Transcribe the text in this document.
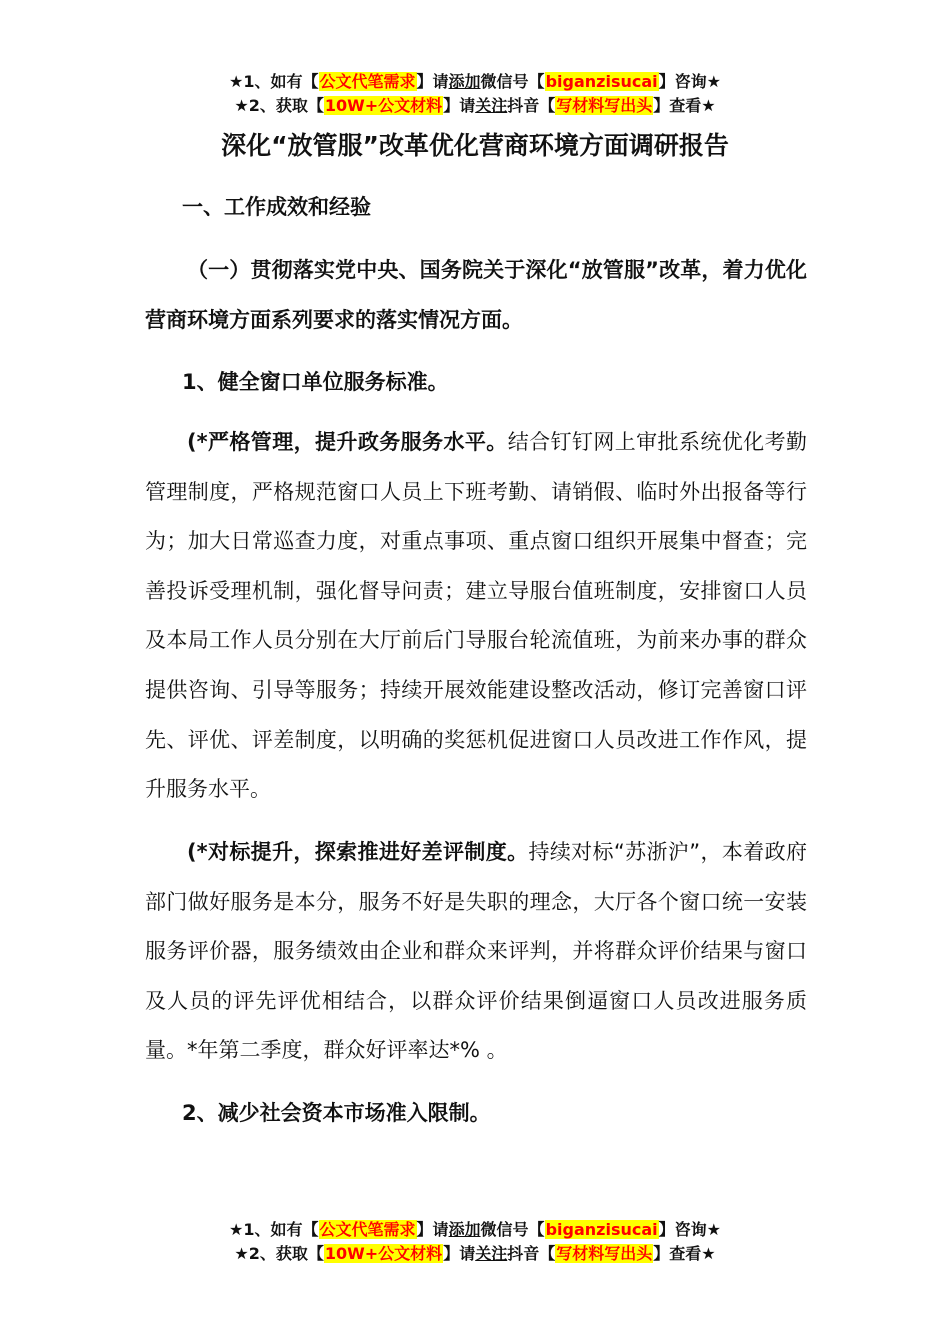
★1、如有【公文代笔需求】请添加微信号【biganzisucai】咨询★
★2、获取【10W+公文材料】请关注抖音【写材料写出头】查看★
深化“放管服”改革优化营商环境方面调研报告
一、工作成效和经验
（一）贯彻落实党中央、国务院关于深化“放管服”改革，着力优化营商环境方面系列要求的落实情况方面。
1、健全窗口单位服务标准。
(*严格管理，提升政务服务水平。结合钉钉网上审批系统优化考勤管理制度，严格规范窗口人员上下班考勤、请销假、临时外出报备等行为；加大日常巡查力度，对重点事项、重点窗口组织开展集中督查；完善投诉受理机制，强化督导问责；建立导服台值班制度，安排窗口人员及本局工作人员分别在大厅前后门导服台轮流值班，为前来办事的群众提供咨询、引导等服务；持续开展效能建设整改活动，修订完善窗口评先、评优、评差制度，以明确的奖惩机促进窗口人员改进工作作风，提升服务水平。
(*对标提升，探索推进好差评制度。持续对标“苏浙沪”，本着政府部门做好服务是本分，服务不好是失职的理念，大厅各个窗口统一安装服务评价器，服务绩效由企业和群众来评判，并将群众评价结果与窗口及人员的评先评优相结合，以群众评价结果倒逼窗口人员改进服务质量。*年第二季度，群众好评率达*% 。
2、减少社会资本市场准入限制。
★1、如有【公文代笔需求】请添加微信号【biganzisucai】咨询★
★2、获取【10W+公文材料】请关注抖音【写材料写出头】查看★
